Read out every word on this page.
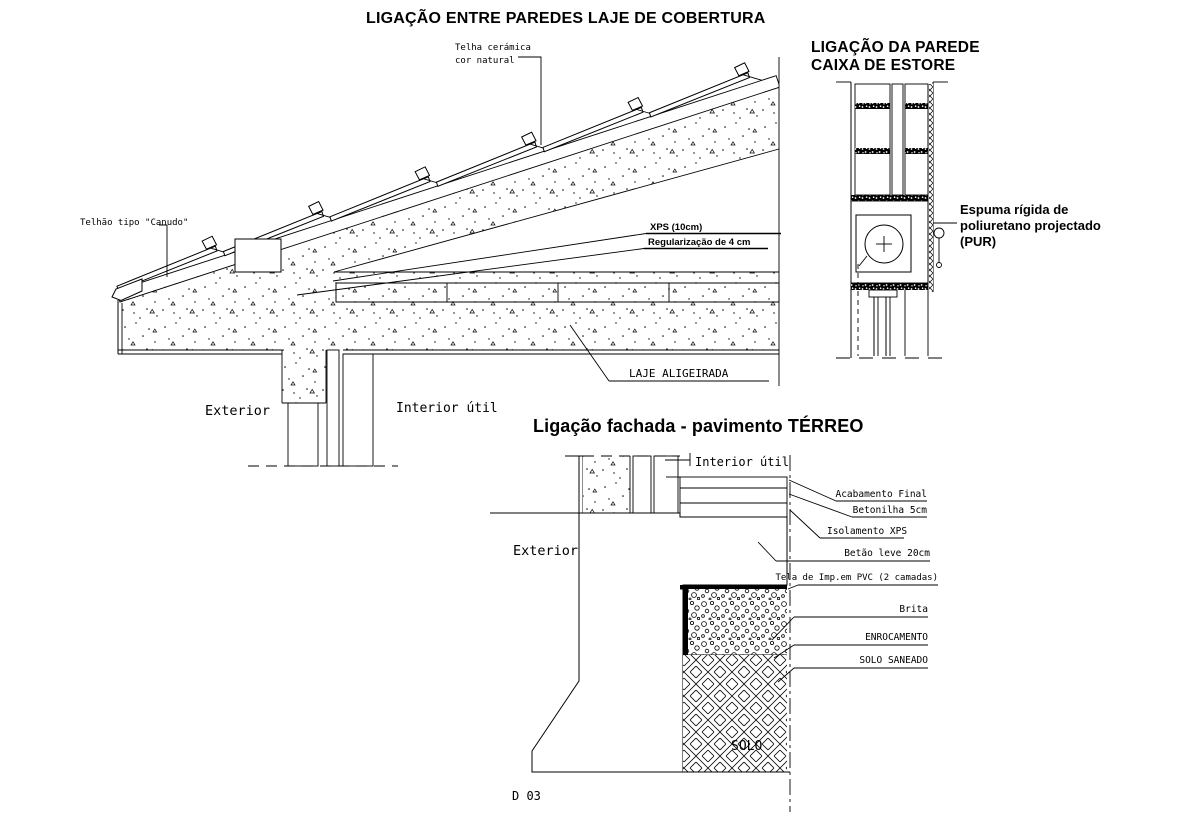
LIGAÇÃO ENTRE PAREDES LAJE DE COBERTURA
Telha cerámica
cor natural
Telhão tipo "Canudo"	XPS (10cm)
Regularização de 4 cm
LAJE ALIGEIRADA
Exterior	Interior útil
LIGAÇÃO DA PAREDE
CAIXA DE ESTORE
Espuma rígida de
poliuretano projectado
(PUR)
Ligação fachada - pavimento TÉRREO
Interior útil
Exterior
Acabamento Final
Betonilha 5cm
Isolamento XPS
Betão leve 20cm
Tela de Imp.em PVC (2 camadas)
Brita
ENROCAMENTO
SOLO SANEADO
SOLO
D 03
